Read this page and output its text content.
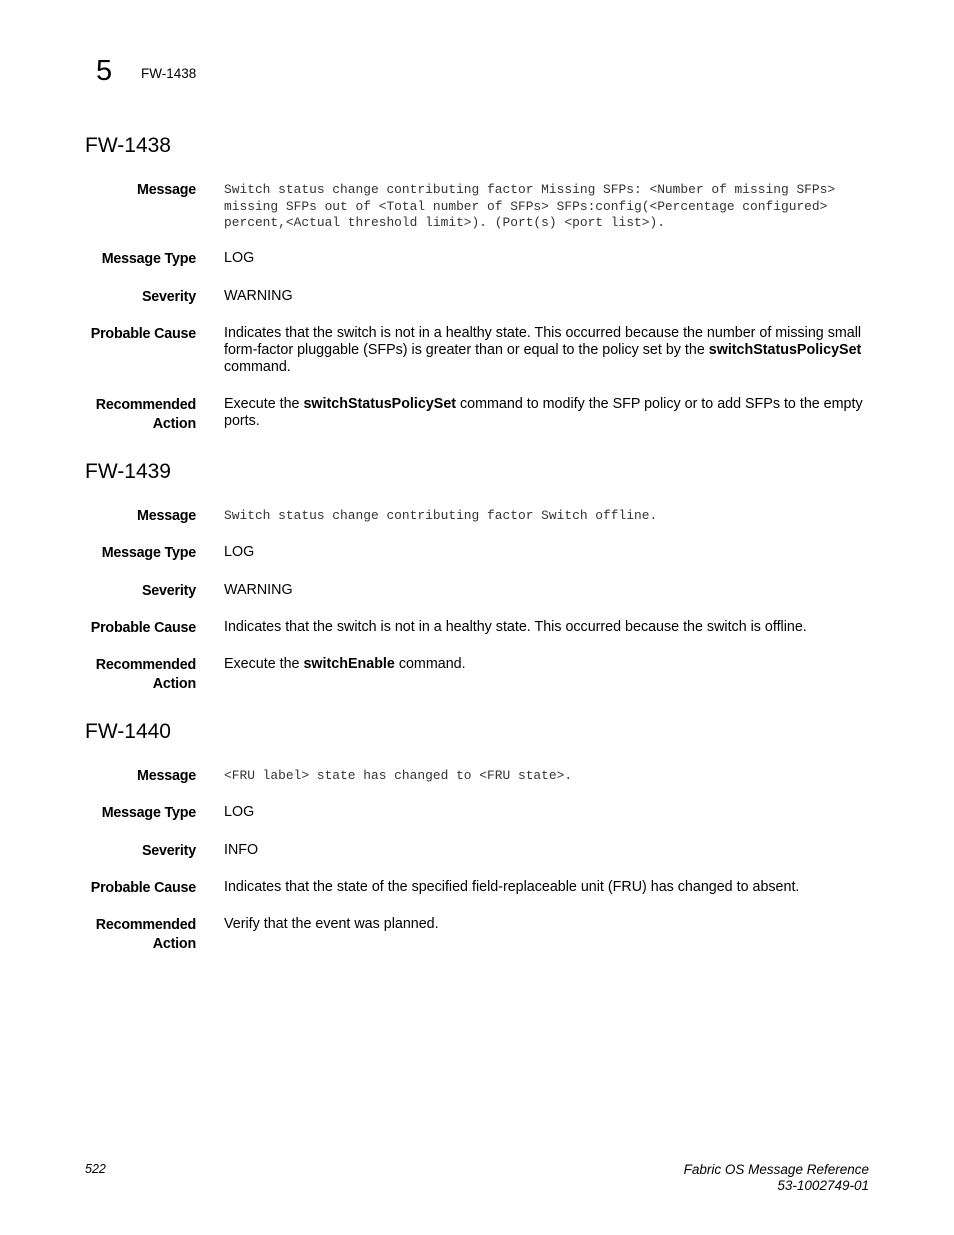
5 FW-1438
FW-1438
Message Switch status change contributing factor Missing SFPs: <Number of missing SFPs>
missing SFPs out of <Total number of SFPs> SFPs:config(<Percentage configured>
percent,<Actual threshold limit>). (Port(s) <port list>).
Message Type LOG
Severity WARNING
Probable Cause Indicates that the switch is not in a healthy state. This occurred because the number of missing small form-factor pluggable (SFPs) is greater than or equal to the policy set by the switchStatusPolicySet command.
Recommended
Action
Execute the switchStatusPolicySet command to modify the SFP policy or to add SFPs to the empty ports.
FW-1439
Message Switch status change contributing factor Switch offline.
Message Type LOG
Severity WARNING
Probable Cause Indicates that the switch is not in a healthy state. This occurred because the switch is offline.
Recommended
Action
Execute the switchEnable command.
FW-1440
Message <FRU label> state has changed to <FRU state>.
Message Type LOG
Severity INFO
Probable Cause Indicates that the state of the specified field-replaceable unit (FRU) has changed to absent.
Recommended
Action
Verify that the event was planned.
522	Fabric OS Message Reference
53-1002749-01
